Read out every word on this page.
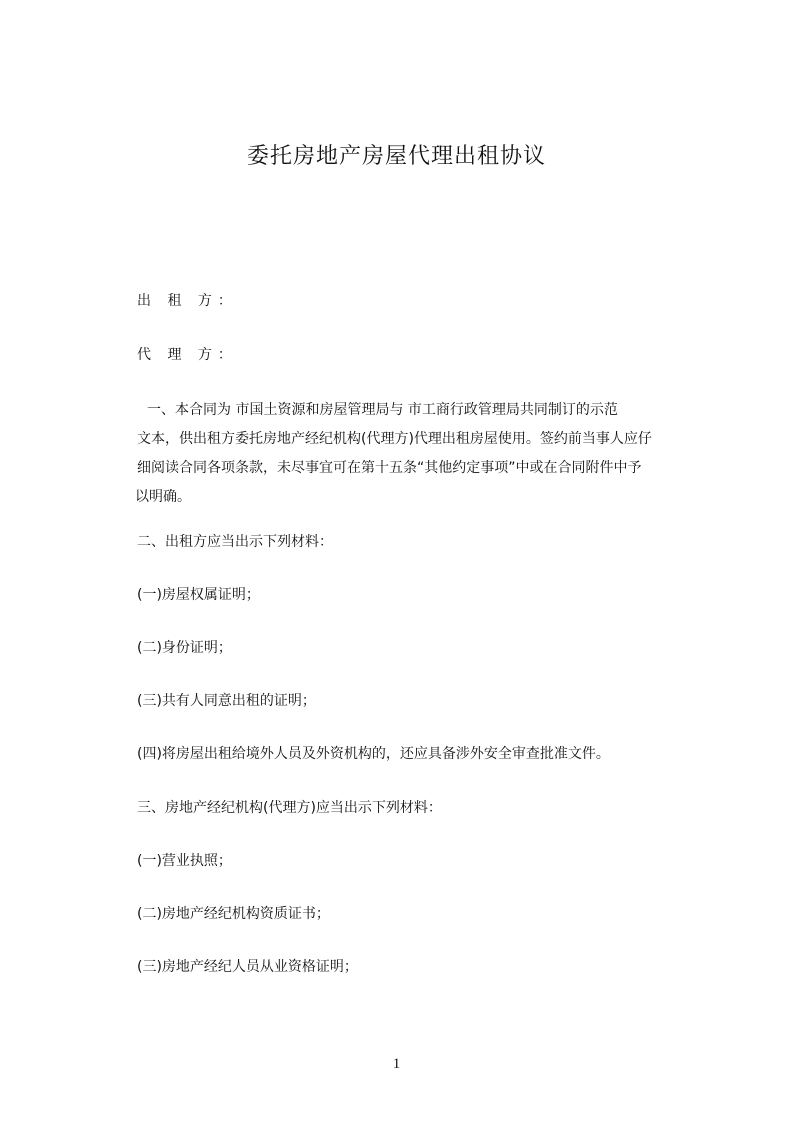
委托房地产房屋代理出租协议
出 租 方：
代 理 方：
一、本合同为 市国土资源和房屋管理局与 市工商行政管理局共同制订的示范
文本，供出租方委托房地产经纪机构(代理方)代理出租房屋使用。签约前当事人应仔
细阅读合同各项条款，未尽事宜可在第十五条“其他约定事项”中或在合同附件中予
以明确。
二、出租方应当出示下列材料：
(一)房屋权属证明；
(二)身份证明；
(三)共有人同意出租的证明；
(四)将房屋出租给境外人员及外资机构的，还应具备涉外安全审查批准文件。
三、房地产经纪机构(代理方)应当出示下列材料：
(一)营业执照；
(二)房地产经纪机构资质证书；
(三)房地产经纪人员从业资格证明；
1
